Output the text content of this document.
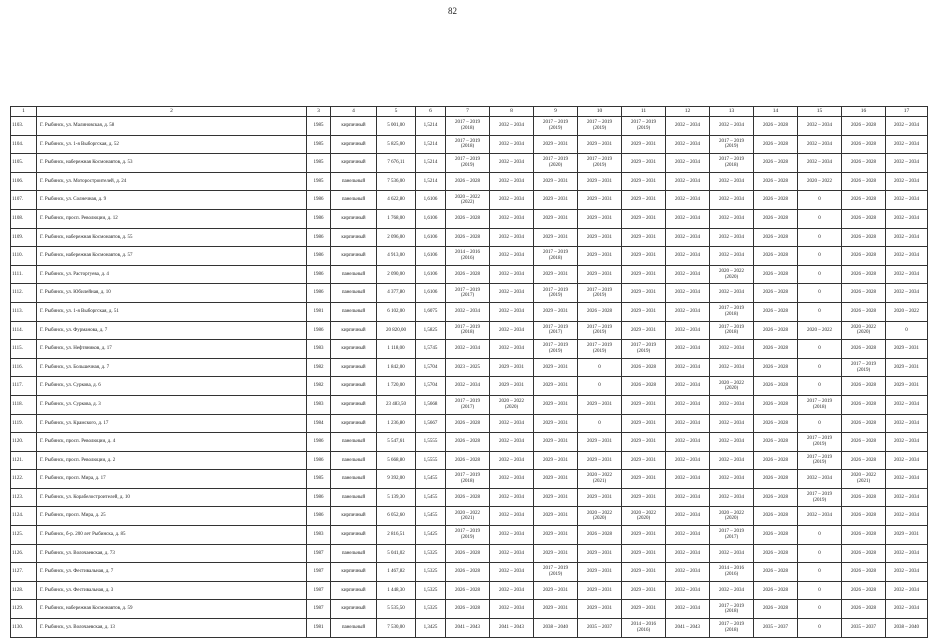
82
1	2	3	4	5	6	7	8	9	10	11	12	13	14	15	16	17
1103.	Г. Рыбинск, ул. Малиновская, д. 58	1985	кирпичный	5 001,00	1,5214	2017 – 2019
(2018)	2032 – 2034	2017 – 2019
(2019)	2017 – 2019
(2019)	2017 – 2019
(2019)	2032 – 2034	2032 – 2034	2026 – 2028	2032 – 2034	2026 – 2028	2032 – 2034
1104.	Г. Рыбинск, ул. 1-я Выборгская, д. 52	1985	кирпичный	5 825,00	1,5214	2017 – 2019
(2018)	2032 – 2034	2029 – 2031	2029 – 2031	2029 – 2031	2032 – 2034	2017 – 2019
(2019)	2026 – 2028	2032 – 2034	2026 – 2028	2032 – 2034
1105.	Г. Рыбинск, набережная Космонавтов, д. 53	1985	кирпичный	7 676,11	1,5214	2017 – 2019
(2019)	2032 – 2034	2017 – 2019
(2020)	2017 – 2019
(2019)	2029 – 2031	2032 – 2034	2017 – 2019
(2018)	2026 – 2028	2032 – 2034	2026 – 2028	2032 – 2034
1106.	Г. Рыбинск, ул. Моторостроителей, д. 24	1985	панельный	7 536,00	1,5214	2026 – 2028	2032 – 2034	2029 – 2031	2029 – 2031	2029 – 2031	2032 – 2034	2032 – 2034	2026 – 2028	2020 – 2022	2026 – 2028	2032 – 2034
1107.	Г. Рыбинск, ул. Солнечная, д. 9	1986	панельный	4 622,80	1,6106	2020 – 2022
(2022)	2032 – 2034	2029 – 2031	2029 – 2031	2029 – 2031	2032 – 2034	2032 – 2034	2026 – 2028	0	2026 – 2028	2032 – 2034
1108.	Г. Рыбинск, просп. Революции, д. 12	1986	кирпичный	1 768,00	1,6106	2026 – 2028	2032 – 2034	2029 – 2031	2029 – 2031	2029 – 2031	2032 – 2034	2032 – 2034	2026 – 2028	0	2026 – 2028	2032 – 2034
1109.	Г. Рыбинск, набережная Космонавтов, д. 55	1986	кирпичный	2 096,00	1,6106	2026 – 2028	2032 – 2034	2029 – 2031	2029 – 2031	2029 – 2031	2032 – 2034	2032 – 2034	2026 – 2028	0	2026 – 2028	2032 – 2034
1110.	Г. Рыбинск, набережная Космонавтов, д. 57	1986	кирпичный	4 913,00	1,6106	2014 – 2016
(2016)	2032 – 2034	2017 – 2019
(2018)	2029 – 2031	2029 – 2031	2032 – 2034	2032 – 2034	2026 – 2028	0	2026 – 2028	2032 – 2034
1111.	Г. Рыбинск, ул. Расторгуева, д. 4	1986	панельный	2 090,00	1,6106	2026 – 2028	2032 – 2034	2029 – 2031	2029 – 2031	2029 – 2031	2032 – 2034	2020 – 2022
(2020)	2026 – 2028	0	2026 – 2028	2032 – 2034
1112.	Г. Рыбинск, ул. Юбилейная, д. 10	1986	панельный	4 377,80	1,6106	2017 – 2019
(2017)	2032 – 2034	2017 – 2019
(2019)	2017 – 2019
(2019)	2029 – 2031	2032 – 2034	2032 – 2034	2026 – 2028	0	2026 – 2028	2032 – 2034
1113.	Г. Рыбинск, ул. 1-я Выборгская, д. 51	1981	панельный	6 102,00	1,6075	2032 – 2034	2032 – 2034	2029 – 2031	2026 – 2028	2029 – 2031	2032 – 2034	2017 – 2019
(2018)	2026 – 2028	0	2026 – 2028	2020 – 2022
1114.	Г. Рыбинск, ул. Фурманова, д. 7	1986	кирпичный	20 820,00	1,5825	2017 – 2019
(2018)	2032 – 2034	2017 – 2019
(2017)	2017 – 2019
(2019)	2029 – 2031	2032 – 2034	2017 – 2019
(2018)	2026 – 2028	2020 – 2022	2020 – 2022
(2020)	0
1115.	Г. Рыбинск, ул. Нефтяников, д. 17	1983	кирпичный	1 118,00	1,5745	2032 – 2034	2032 – 2034	2017 – 2019
(2019)	2017 – 2019
(2019)	2017 – 2019
(2019)	2032 – 2034	2032 – 2034	2026 – 2028	0	2026 – 2028	2029 – 2031
1116.	Г. Рыбинск, ул. Большечная, д. 7	1982	кирпичный	1 842,00	1,5704	2023 – 2025	2029 – 2031	2029 – 2031	0	2026 – 2028	2032 – 2034	2032 – 2034	2026 – 2028	0	2017 – 2019
(2019)	2029 – 2031
1117.	Г. Рыбинск, ул. Суркова, д. 6	1982	кирпичный	1 720,00	1,5704	2032 – 2034	2029 – 2031	2029 – 2031	0	2026 – 2028	2032 – 2034	2020 – 2022
(2020)	2026 – 2028	0	2026 – 2028	2029 – 2031
1118.	Г. Рыбинск, ул. Суркова, д. 3	1983	кирпичный	23 483,50	1,5668	2017 – 2019
(2017)	2020 – 2022
(2020)	2029 – 2031	2029 – 2031	2029 – 2031	2032 – 2034	2032 – 2034	2026 – 2028	2017 – 2019
(2018)	2026 – 2028	2032 – 2034
1119.	Г. Рыбинск, ул. Крамского, д. 17	1984	кирпичный	1 236,80	1,5667	2026 – 2028	2032 – 2034	2029 – 2031	0	2029 – 2031	2032 – 2034	2032 – 2034	2026 – 2028	0	2026 – 2028	2032 – 2034
1120.	Г. Рыбинск, просп. Революции, д. 4	1986	панельный	5 547,61	1,5555	2026 – 2028	2032 – 2034	2029 – 2031	2029 – 2031	2029 – 2031	2032 – 2034	2032 – 2034	2026 – 2028	2017 – 2019
(2019)	2026 – 2028	2032 – 2034
1121.	Г. Рыбинск, просп. Революции, д. 2	1986	панельный	5 668,80	1,5555	2026 – 2028	2032 – 2034	2029 – 2031	2029 – 2031	2029 – 2031	2032 – 2034	2032 – 2034	2026 – 2028	2017 – 2019
(2019)	2026 – 2028	2032 – 2034
1122.	Г. Рыбинск, просп. Мира, д. 17	1985	панельный	9 392,00	1,5455	2017 – 2019
(2018)	2032 – 2034	2029 – 2031	2020 – 2022
(2021)	2029 – 2031	2032 – 2034	2032 – 2034	2026 – 2028	2032 – 2034	2020 – 2022
(2021)	2032 – 2034
1123.	Г. Рыбинск, ул. Корабелостроителей, д. 10	1986	панельный	5 139,30	1,5455	2026 – 2028	2032 – 2034	2029 – 2031	2029 – 2031	2029 – 2031	2032 – 2034	2032 – 2034	2026 – 2028	2017 – 2019
(2019)	2026 – 2028	2032 – 2034
1124.	Г. Рыбинск, просп. Мира, д. 25	1986	кирпичный	6 052,60	1,5455	2020 – 2022
(2021)	2032 – 2034	2029 – 2031	2020 – 2022
(2020)	2020 – 2022
(2020)	2032 – 2034	2020 – 2022
(2020)	2026 – 2028	2032 – 2034	2026 – 2028	2032 – 2034
1125.	Г. Рыбинск, б-р. 200 лет Рыбинска, д. 85	1983	кирпичный	2 816,51	1,5425	2017 – 2019
(2019)	2032 – 2034	2029 – 2031	2026 – 2028	2029 – 2031	2032 – 2034	2017 – 2019
(2017)	2026 – 2028	0	2026 – 2028	2029 – 2031
1126.	Г. Рыбинск, ул. Волочаевская, д. 73	1987	панельный	5 041,02	1,5325	2026 – 2028	2032 – 2034	2029 – 2031	2029 – 2031	2029 – 2031	2032 – 2034	2032 – 2034	2026 – 2028	0	2026 – 2028	2032 – 2034
1127.	Г. Рыбинск, ул. Фестивальная, д. 7	1987	кирпичный	1 467,82	1,5325	2026 – 2028	2032 – 2034	2017 – 2019
(2019)	2029 – 2031	2029 – 2031	2032 – 2034	2014 – 2016
(2016)	2026 – 2028	0	2026 – 2028	2032 – 2034
1128.	Г. Рыбинск, ул. Фестивальная, д. 3	1987	кирпичный	1 448,30	1,5325	2026 – 2028	2032 – 2034	2029 – 2031	2029 – 2031	2029 – 2031	2032 – 2034	2032 – 2034	2026 – 2028	0	2026 – 2028	2032 – 2034
1129.	Г. Рыбинск, набережная Космонавтов, д. 59	1987	кирпичный	5 535,50	1,5325	2026 – 2028	2032 – 2034	2029 – 2031	2029 – 2031	2029 – 2031	2032 – 2034	2017 – 2019
(2018)	2026 – 2028	0	2026 – 2028	2032 – 2034
1130.	Г. Рыбинск, ул. Волочаевская, д. 13	1981	панельный	7 530,00	1,3425	2041 – 2043	2041 – 2043	2038 – 2040	2035 – 2037	2014 – 2016
(2016)	2041 – 2043	2017 – 2019
(2018)	2035 – 2037	0	2035 – 2037	2038 – 2040
